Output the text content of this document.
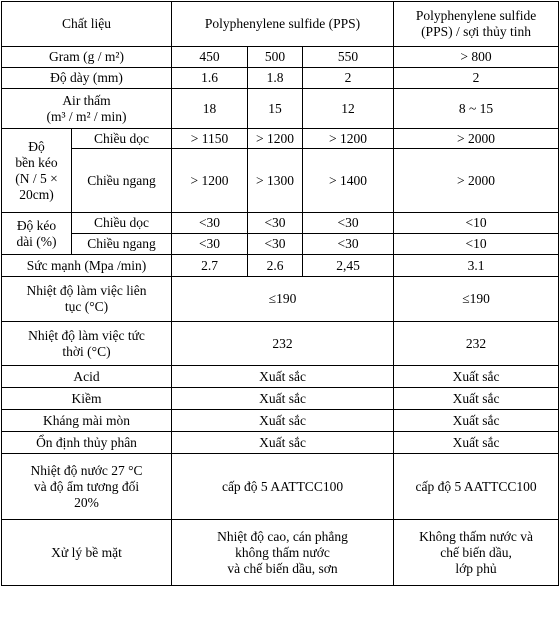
Chất liệu		Polyphenylene sulfide (PPS)			Polyphenylene sulfide
(PPS) / sợi thủy tinh
Gram (g / m²)		450	500	550	> 800
Độ dày (mm)		1.6	1.8	2	2
Air thấm
(m³ / m² / min)		18	15	12	8 ~ 15
Độ
bền kéo
(N / 5 ×
20cm)	Chiều dọc	> 1150	> 1200	> 1200	> 2000
	Chiều ngang	> 1200	> 1300	> 1400	> 2000
Độ kéo
dài (%)	Chiều dọc	<30	<30	<30	<10
	Chiều ngang	<30	<30	<30	<10
Sức mạnh (Mpa /min)		2.7	2.6	2,45	3.1
Nhiệt độ làm việc liên
tục (°C)		≤190			≤190
Nhiệt độ làm việc tức
thời (°C)		232			232
Acid		Xuất sắc			Xuất sắc
Kiềm		Xuất sắc			Xuất sắc
Kháng mài mòn		Xuất sắc			Xuất sắc
Ổn định thủy phân		Xuất sắc			Xuất sắc
Nhiệt độ nước 27 °C
và độ ẩm tương đối
20%		cấp độ 5 AATTCC100			cấp độ 5 AATTCC100
Xử lý bề mặt		Nhiệt độ cao, cán phẳng
không thấm nước
và chế biến dầu, sơn			Không thấm nước và
chế biến dầu,
lớp phủ
